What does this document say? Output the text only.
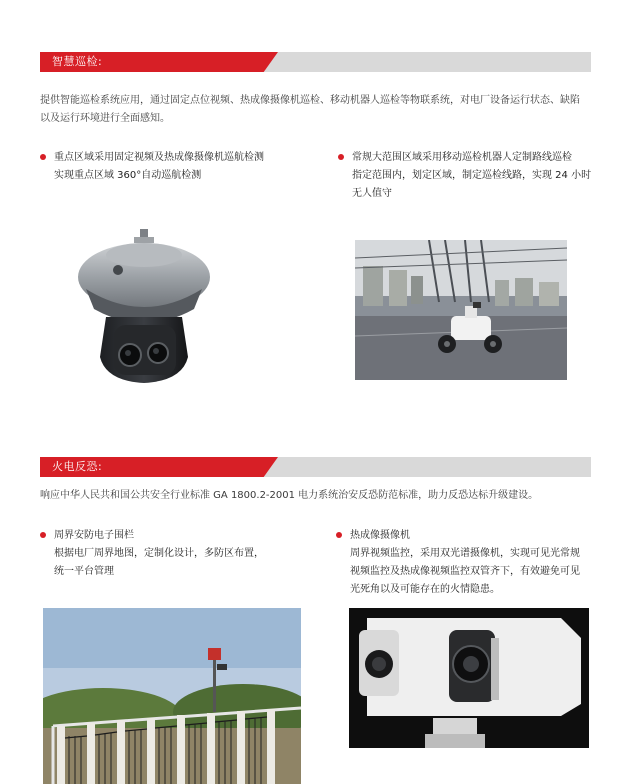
智慧巡检:
提供智能巡检系统应用，通过固定点位视频、热成像摄像机巡检、移动机器人巡检等物联系统，对电厂设备运行状态、缺陷
以及运行环境进行全面感知。
重点区域采用固定视频及热成像摄像机巡航检测
实现重点区域 360°自动巡航检测
常规大范围区域采用移动巡检机器人定制路线巡检
指定范围内，划定区域，制定巡检线路，实现 24 小时
无人值守
火电反恐:
响应中华人民共和国公共安全行业标准 GA 1800.2-2001 电力系统治安反恐防范标准，助力反恐达标升级建设。
周界安防电子围栏
根据电厂周界地图，定制化设计，多防区布置，
统一平台管理
热成像摄像机
周界视频监控，采用双光谱摄像机，实现可见光常规
视频监控及热成像视频监控双管齐下，有效避免可见
光死角以及可能存在的火情隐患。
